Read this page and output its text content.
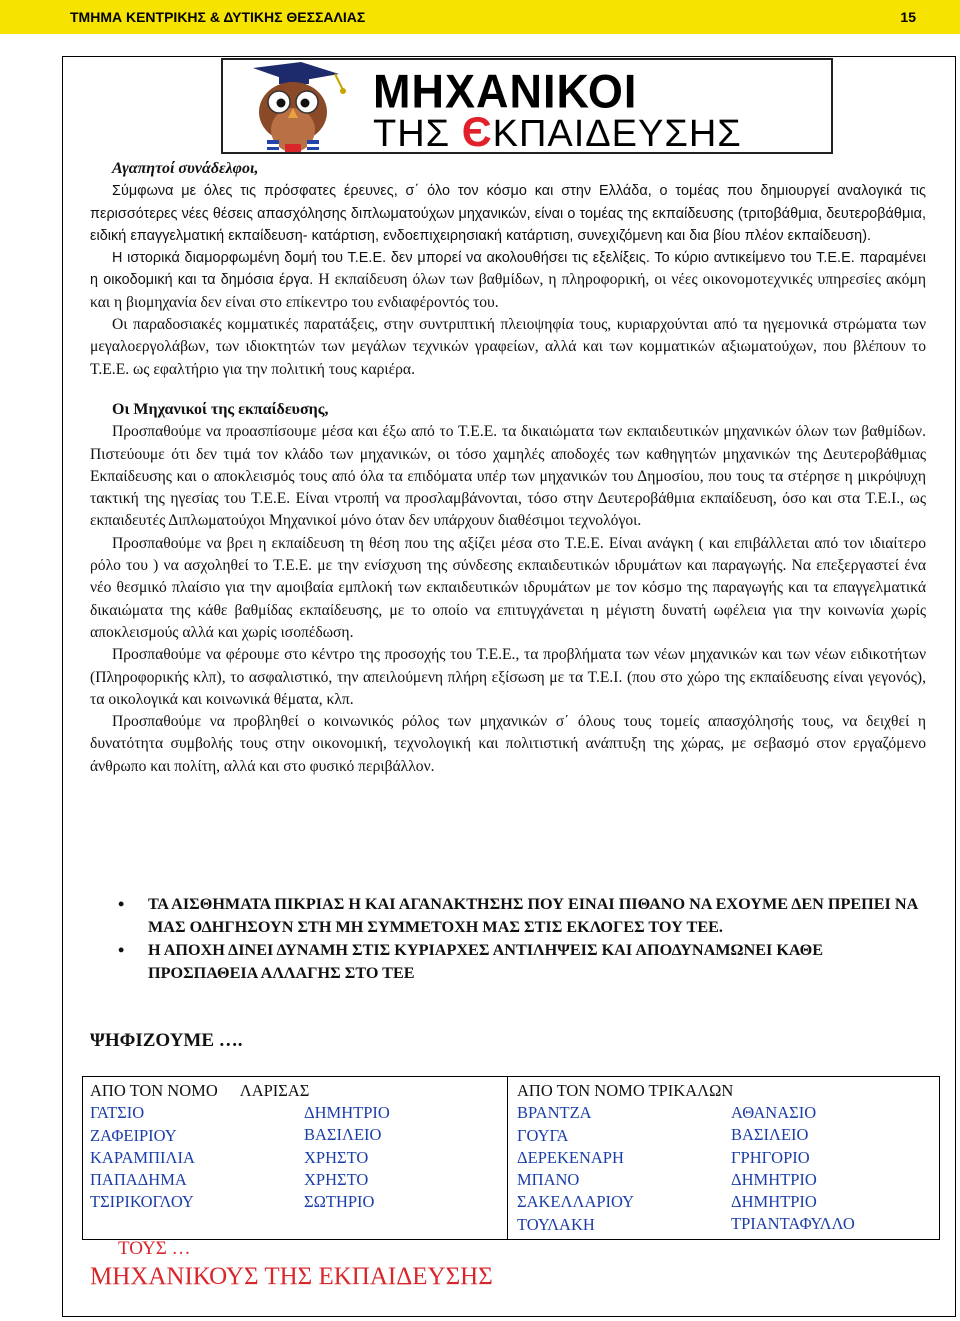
ΤΜΗΜΑ ΚΕΝΤΡΙΚΗΣ & ΔΥΤΙΚΗΣ ΘΕΣΣΑΛΙΑΣ	15
ΜΗΧΑΝΙΚΟΙ
ΤΗΣ ЄΚΠΑΙΔΕΥΣΗΣ

Αγαπητοί συνάδελφοι,

Σύμφωνα με όλες τις πρόσφατες έρευνες, σ΄ όλο τον κόσμο και στην Ελλάδα, ο τομέας που δημιουργεί αναλογικά τις περισσότερες νέες θέσεις απασχόλησης διπλωματούχων μηχανικών, είναι ο τομέας της εκπαίδευσης (τριτοβάθμια, δευτεροβάθμια, ειδική επαγγελματική εκπαίδευση- κατάρτιση, ενδοεπιχειρησιακή κατάρτιση, συνεχιζόμενη και δια βίου πλέον εκπαίδευση).

Η ιστορικά διαμορφωμένη δομή του Τ.Ε.Ε. δεν μπορεί να ακολουθήσει τις εξελίξεις. Το κύριο αντικείμενο του Τ.Ε.Ε. παραμένει η οικοδομική και τα δημόσια έργα. Η εκπαίδευση όλων των βαθμίδων, η πληροφορική, οι νέες οικονομοτεχνικές υπηρεσίες ακόμη και η βιομηχανία δεν είναι στο επίκεντρο του ενδιαφέροντός του.

Οι παραδοσιακές κομματικές παρατάξεις, στην συντριπτική πλειοψηφία τους, κυριαρχούνται από τα ηγεμονικά στρώματα των μεγαλοεργολάβων, των ιδιοκτητών των μεγάλων τεχνικών γραφείων, αλλά και των κομματικών αξιωματούχων, που βλέπουν το Τ.Ε.Ε. ως εφαλτήριο για την πολιτική τους καριέρα.

Οι Μηχανικοί της εκπαίδευσης,

Προσπαθούμε να προασπίσουμε μέσα και έξω από το Τ.Ε.Ε. τα δικαιώματα των εκπαιδευτικών μηχανικών όλων των βαθμίδων. Πιστεύουμε ότι δεν τιμά τον κλάδο των μηχανικών, οι τόσο χαμηλές αποδοχές των καθηγητών μηχανικών της Δευτεροβάθμιας Εκπαίδευσης και ο αποκλεισμός τους από όλα τα επιδόματα υπέρ των μηχανικών του Δημοσίου, που τους τα στέρησε η μικρόψυχη τακτική της ηγεσίας του Τ.Ε.Ε. Είναι ντροπή να προσλαμβάνονται, τόσο στην Δευτεροβάθμια εκπαίδευση, όσο και στα Τ.Ε.Ι., ως εκπαιδευτές Διπλωματούχοι Μηχανικοί μόνο όταν δεν υπάρχουν διαθέσιμοι τεχνολόγοι.

Προσπαθούμε να βρει η εκπαίδευση τη θέση που της αξίζει μέσα στο Τ.Ε.Ε. Είναι ανάγκη ( και επιβάλλεται από τον ιδιαίτερο ρόλο του ) να ασχοληθεί το Τ.Ε.Ε. με την ενίσχυση της σύνδεσης εκπαιδευτικών ιδρυμάτων και παραγωγής. Να επεξεργαστεί ένα νέο θεσμικό πλαίσιο για την αμοιβαία εμπλοκή των εκπαιδευτικών ιδρυμάτων με τον κόσμο της παραγωγής και τα επαγγελματικά δικαιώματα της κάθε βαθμίδας εκπαίδευσης, με το οποίο να επιτυγχάνεται η μέγιστη δυνατή ωφέλεια για την κοινωνία χωρίς αποκλεισμούς αλλά και χωρίς ισοπέδωση.

Προσπαθούμε να φέρουμε στο κέντρο της προσοχής του Τ.Ε.Ε., τα προβλήματα των νέων μηχανικών και των νέων ειδικοτήτων (Πληροφορικής κλπ), το ασφαλιστικό, την απειλούμενη πλήρη εξίσωση με τα Τ.Ε.Ι. (που στο χώρο της εκπαίδευσης είναι γεγονός), τα οικολογικά και κοινωνικά θέματα, κλπ.

Προσπαθούμε να προβληθεί ο κοινωνικός ρόλος των μηχανικών σ΄ όλους τους τομείς απασχόλησής τους, να δειχθεί η δυνατότητα συμβολής τους στην οικονομική, τεχνολογική και πολιτιστική ανάπτυξη της χώρας, με σεβασμό στον εργαζόμενο άνθρωπο και πολίτη, αλλά και στο φυσικό περιβάλλον.

• ΤΑ ΑΙΣΘΗΜΑΤΑ ΠΙΚΡΙΑΣ Η ΚΑΙ ΑΓΑΝΑΚΤΗΣΗΣ ΠΟΥ ΕΙΝΑΙ ΠΙΘΑΝΟ ΝΑ ΕΧΟΥΜΕ ΔΕΝ ΠΡΕΠΕΙ ΝΑ ΜΑΣ ΟΔΗΓΗΣΟΥΝ ΣΤΗ ΜΗ ΣΥΜΜΕΤΟΧΗ ΜΑΣ ΣΤΙΣ ΕΚΛΟΓΕΣ ΤΟΥ ΤΕΕ.
• Η ΑΠΟΧΗ ΔΙΝΕΙ ΔΥΝΑΜΗ ΣΤΙΣ ΚΥΡΙΑΡΧΕΣ ΑΝΤΙΛΗΨΕΙΣ ΚΑΙ ΑΠΟΔΥΝΑΜΩΝΕΙ ΚΑΘΕ ΠΡΟΣΠΑΘΕΙΑ ΑΛΛΑΓΗΣ ΣΤΟ ΤΕΕ
ΨΗΦΙΖΟΥΜΕ ….
ΑΠΟ ΤΟΝ ΝΟΜΟ ΛΑΡΙΣΑΣ
ΓΑΤΣΙΟ
ΖΑΦΕΙΡΙΟΥ
ΚΑΡΑΜΠΙΛΙΑ
ΠΑΠΑΔΗΜΑ
ΤΣΙΡΙΚΟΓΛΟΥ
ΔΗΜΗΤΡΙΟ
ΒΑΣΙΛΕΙΟ
ΧΡΗΣΤΟ
ΧΡΗΣΤΟ
ΣΩΤΗΡΙΟ
ΑΠΟ ΤΟΝ ΝΟΜΟ ΤΡΙΚΑΛΩΝ
ΒΡΑΝΤΖΑ
ΓΟΥΓΑ
ΔΕΡΕΚΕΝΑΡΗ
ΜΠΑΝΟ
ΣΑΚΕΛΛΑΡΙΟΥ
ΤΟΥΛΑΚΗ
ΑΘΑΝΑΣΙΟ
ΒΑΣΙΛΕΙΟ
ΓΡΗΓΟΡΙΟ
ΔΗΜΗΤΡΙΟ
ΔΗΜΗΤΡΙΟ
ΤΡΙΑΝΤΑΦΥΛΛΟ
ΤΟΥΣ …
ΜΗΧΑΝΙΚΟΥΣ ΤΗΣ ΕΚΠΑΙΔΕΥΣΗΣ
